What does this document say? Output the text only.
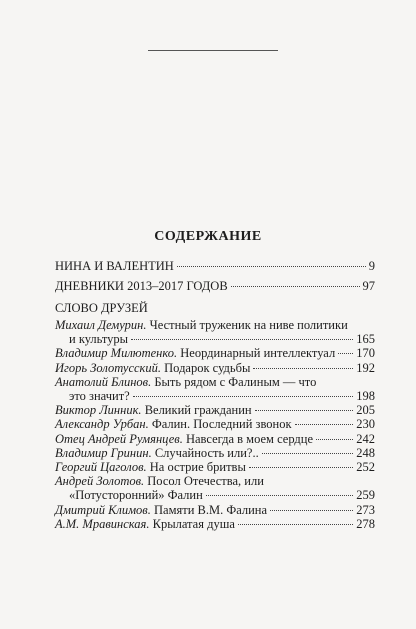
СОДЕРЖАНИЕ
НИНА И ВАЛЕНТИН	9
ДНЕВНИКИ 2013–2017 ГОДОВ	97
СЛОВО ДРУЗЕЙ
Михаил Демурин. Честный труженик на ниве политики
и культуры	165
Владимир Милютенко. Неординарный интеллектуал 170
Игорь Золотусский. Подарок судьбы	192
Анатолий Блинов. Быть рядом с Фалиным — что
это значит?	198
Виктор Линник. Великий гражданин	205
Александр Урбан. Фалин. Последний звонок	230
Отец Андрей Румянцев. Навсегда в моем сердце	242
Владимир Гринин. Случайность или?..	248
Георгий Цаголов. На острие бритвы	252
Андрей Золотов. Посол Отечества, или
«Потусторонний» Фалин	259
Дмитрий Климов. Памяти В.М. Фалина	273
А.М. Мравинская. Крылатая душа	278
